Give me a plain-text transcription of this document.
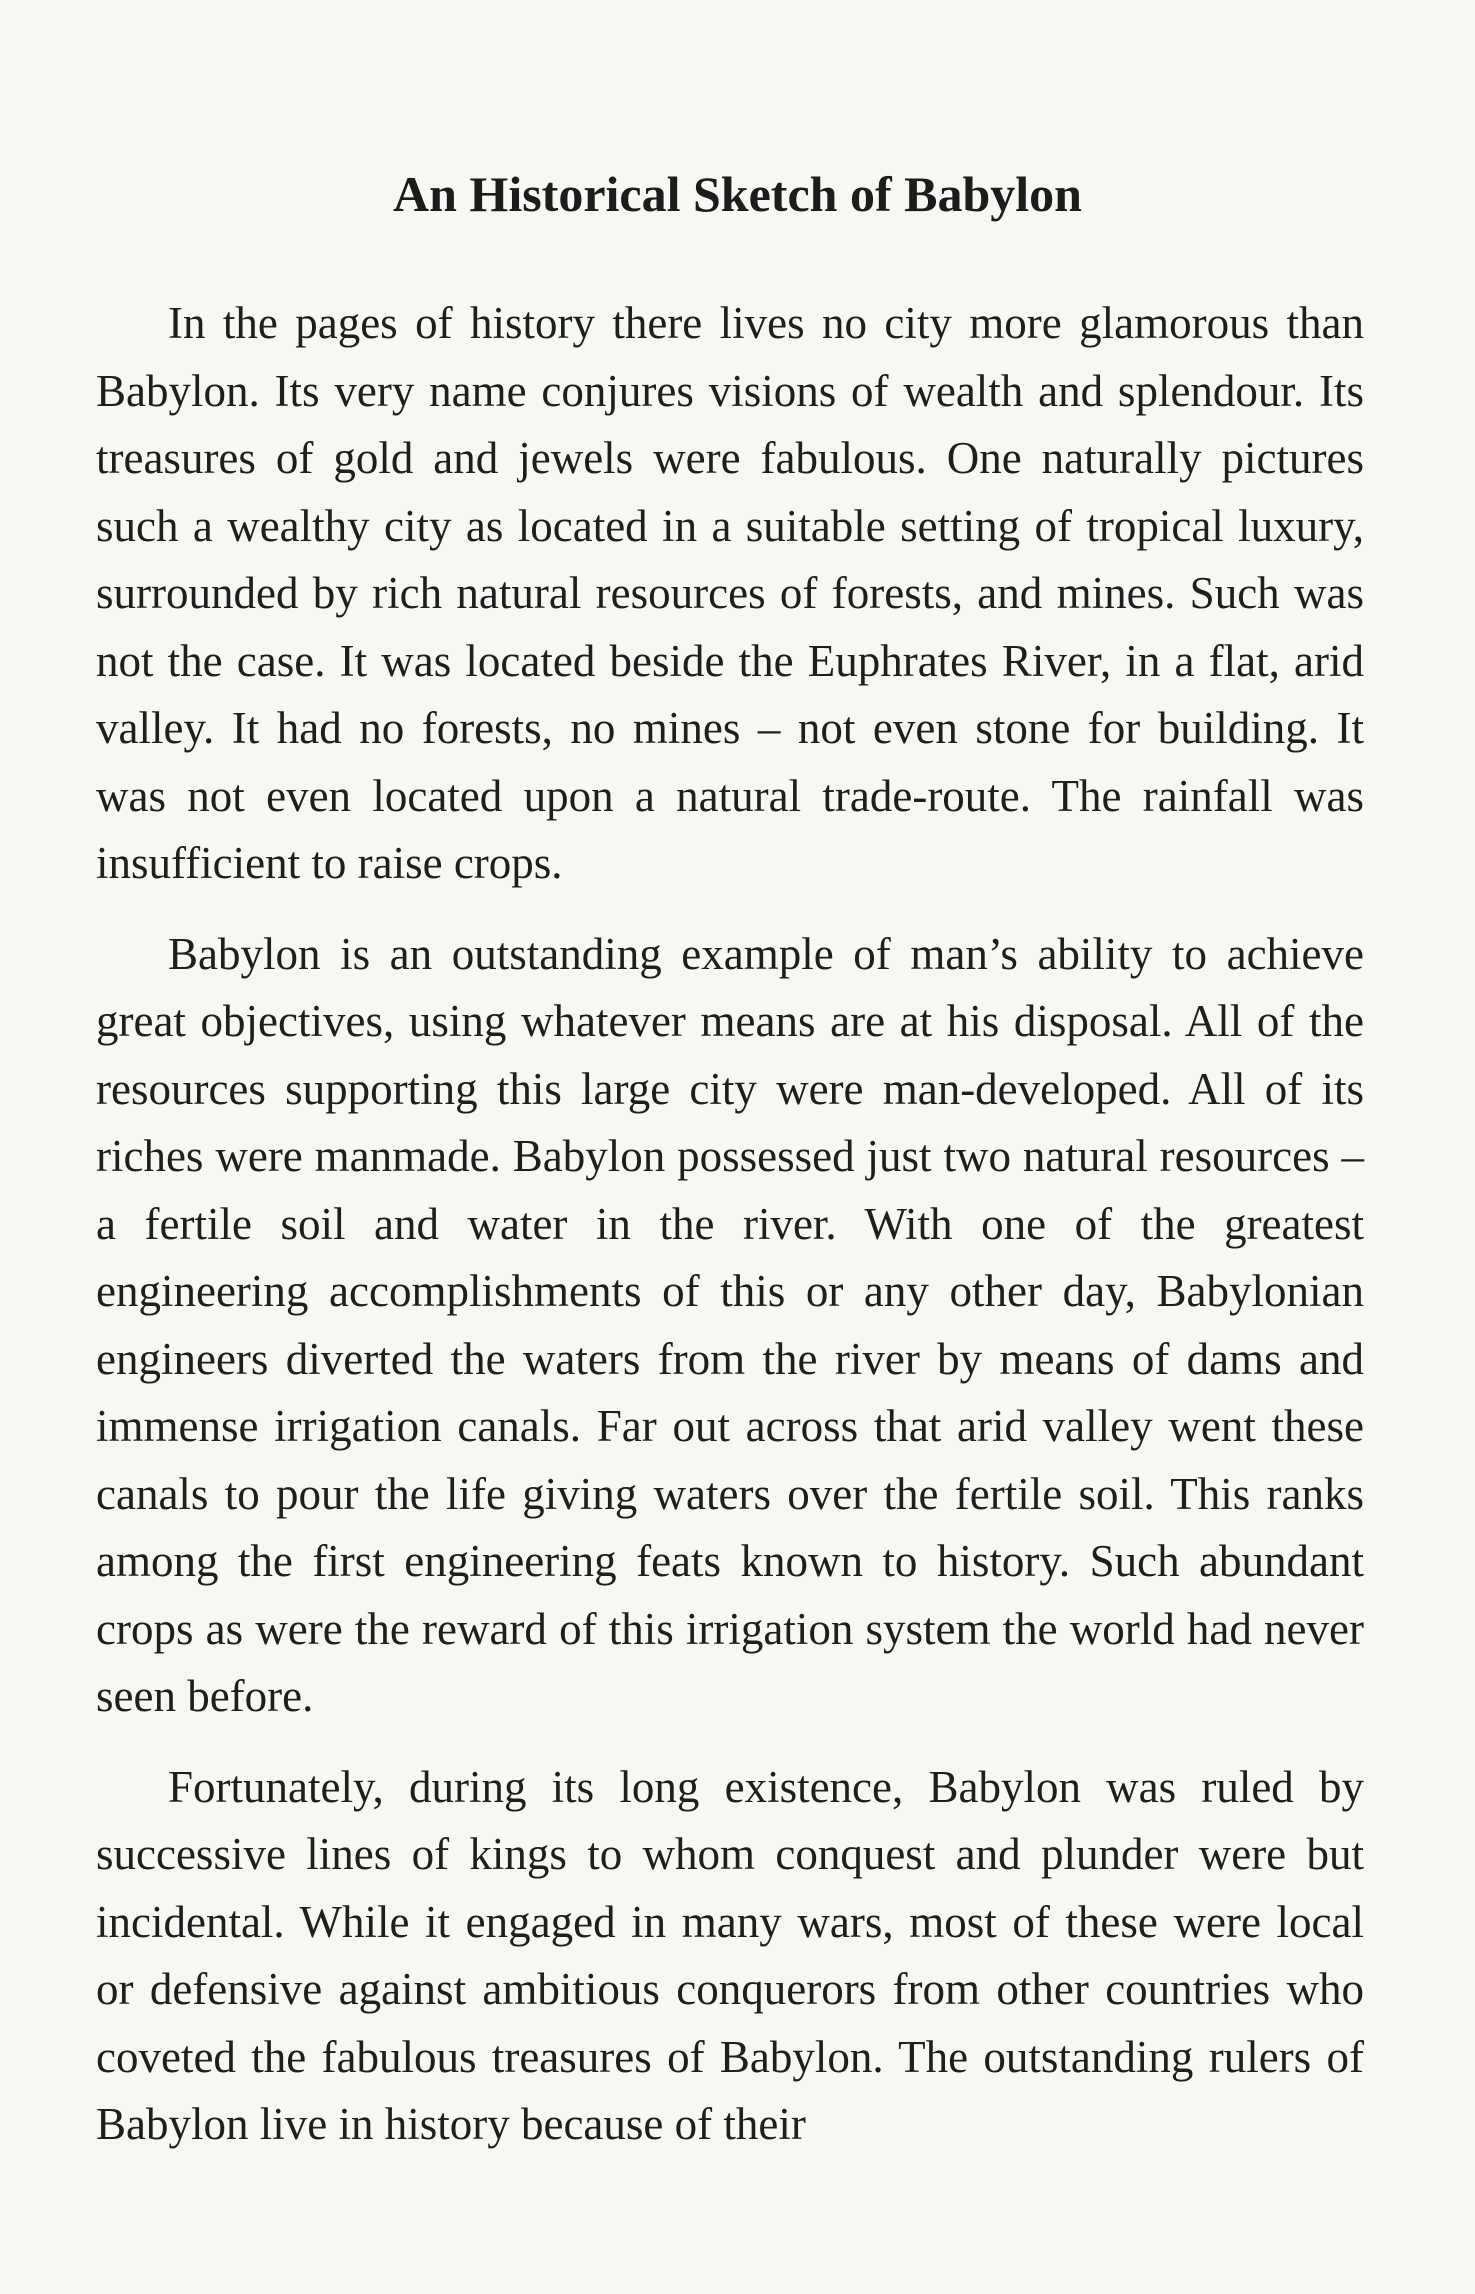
An Historical Sketch of Babylon

In the pages of history there lives no city more glamorous than Babylon. Its very name conjures visions of wealth and splendour. Its treasures of gold and jewels were fabulous. One naturally pictures such a wealthy city as located in a suitable setting of tropical luxury, surrounded by rich natural resources of forests, and mines. Such was not the case. It was located beside the Euphrates River, in a flat, arid valley. It had no forests, no mines – not even stone for building. It was not even located upon a natural trade-route. The rainfall was insufficient to raise crops.

Babylon is an outstanding example of man’s ability to achieve great objectives, using whatever means are at his disposal. All of the resources supporting this large city were man-developed. All of its riches were manmade. Babylon possessed just two natural resources – a fertile soil and water in the river. With one of the greatest engineering accomplishments of this or any other day, Babylonian engineers diverted the waters from the river by means of dams and immense irrigation canals. Far out across that arid valley went these canals to pour the life giving waters over the fertile soil. This ranks among the first engineering feats known to history. Such abundant crops as were the reward of this irrigation system the world had never seen before.

Fortunately, during its long existence, Babylon was ruled by successive lines of kings to whom conquest and plunder were but incidental. While it engaged in many wars, most of these were local or defensive against ambitious conquerors from other countries who coveted the fabulous treasures of Babylon. The outstanding rulers of Babylon live in history because of their
